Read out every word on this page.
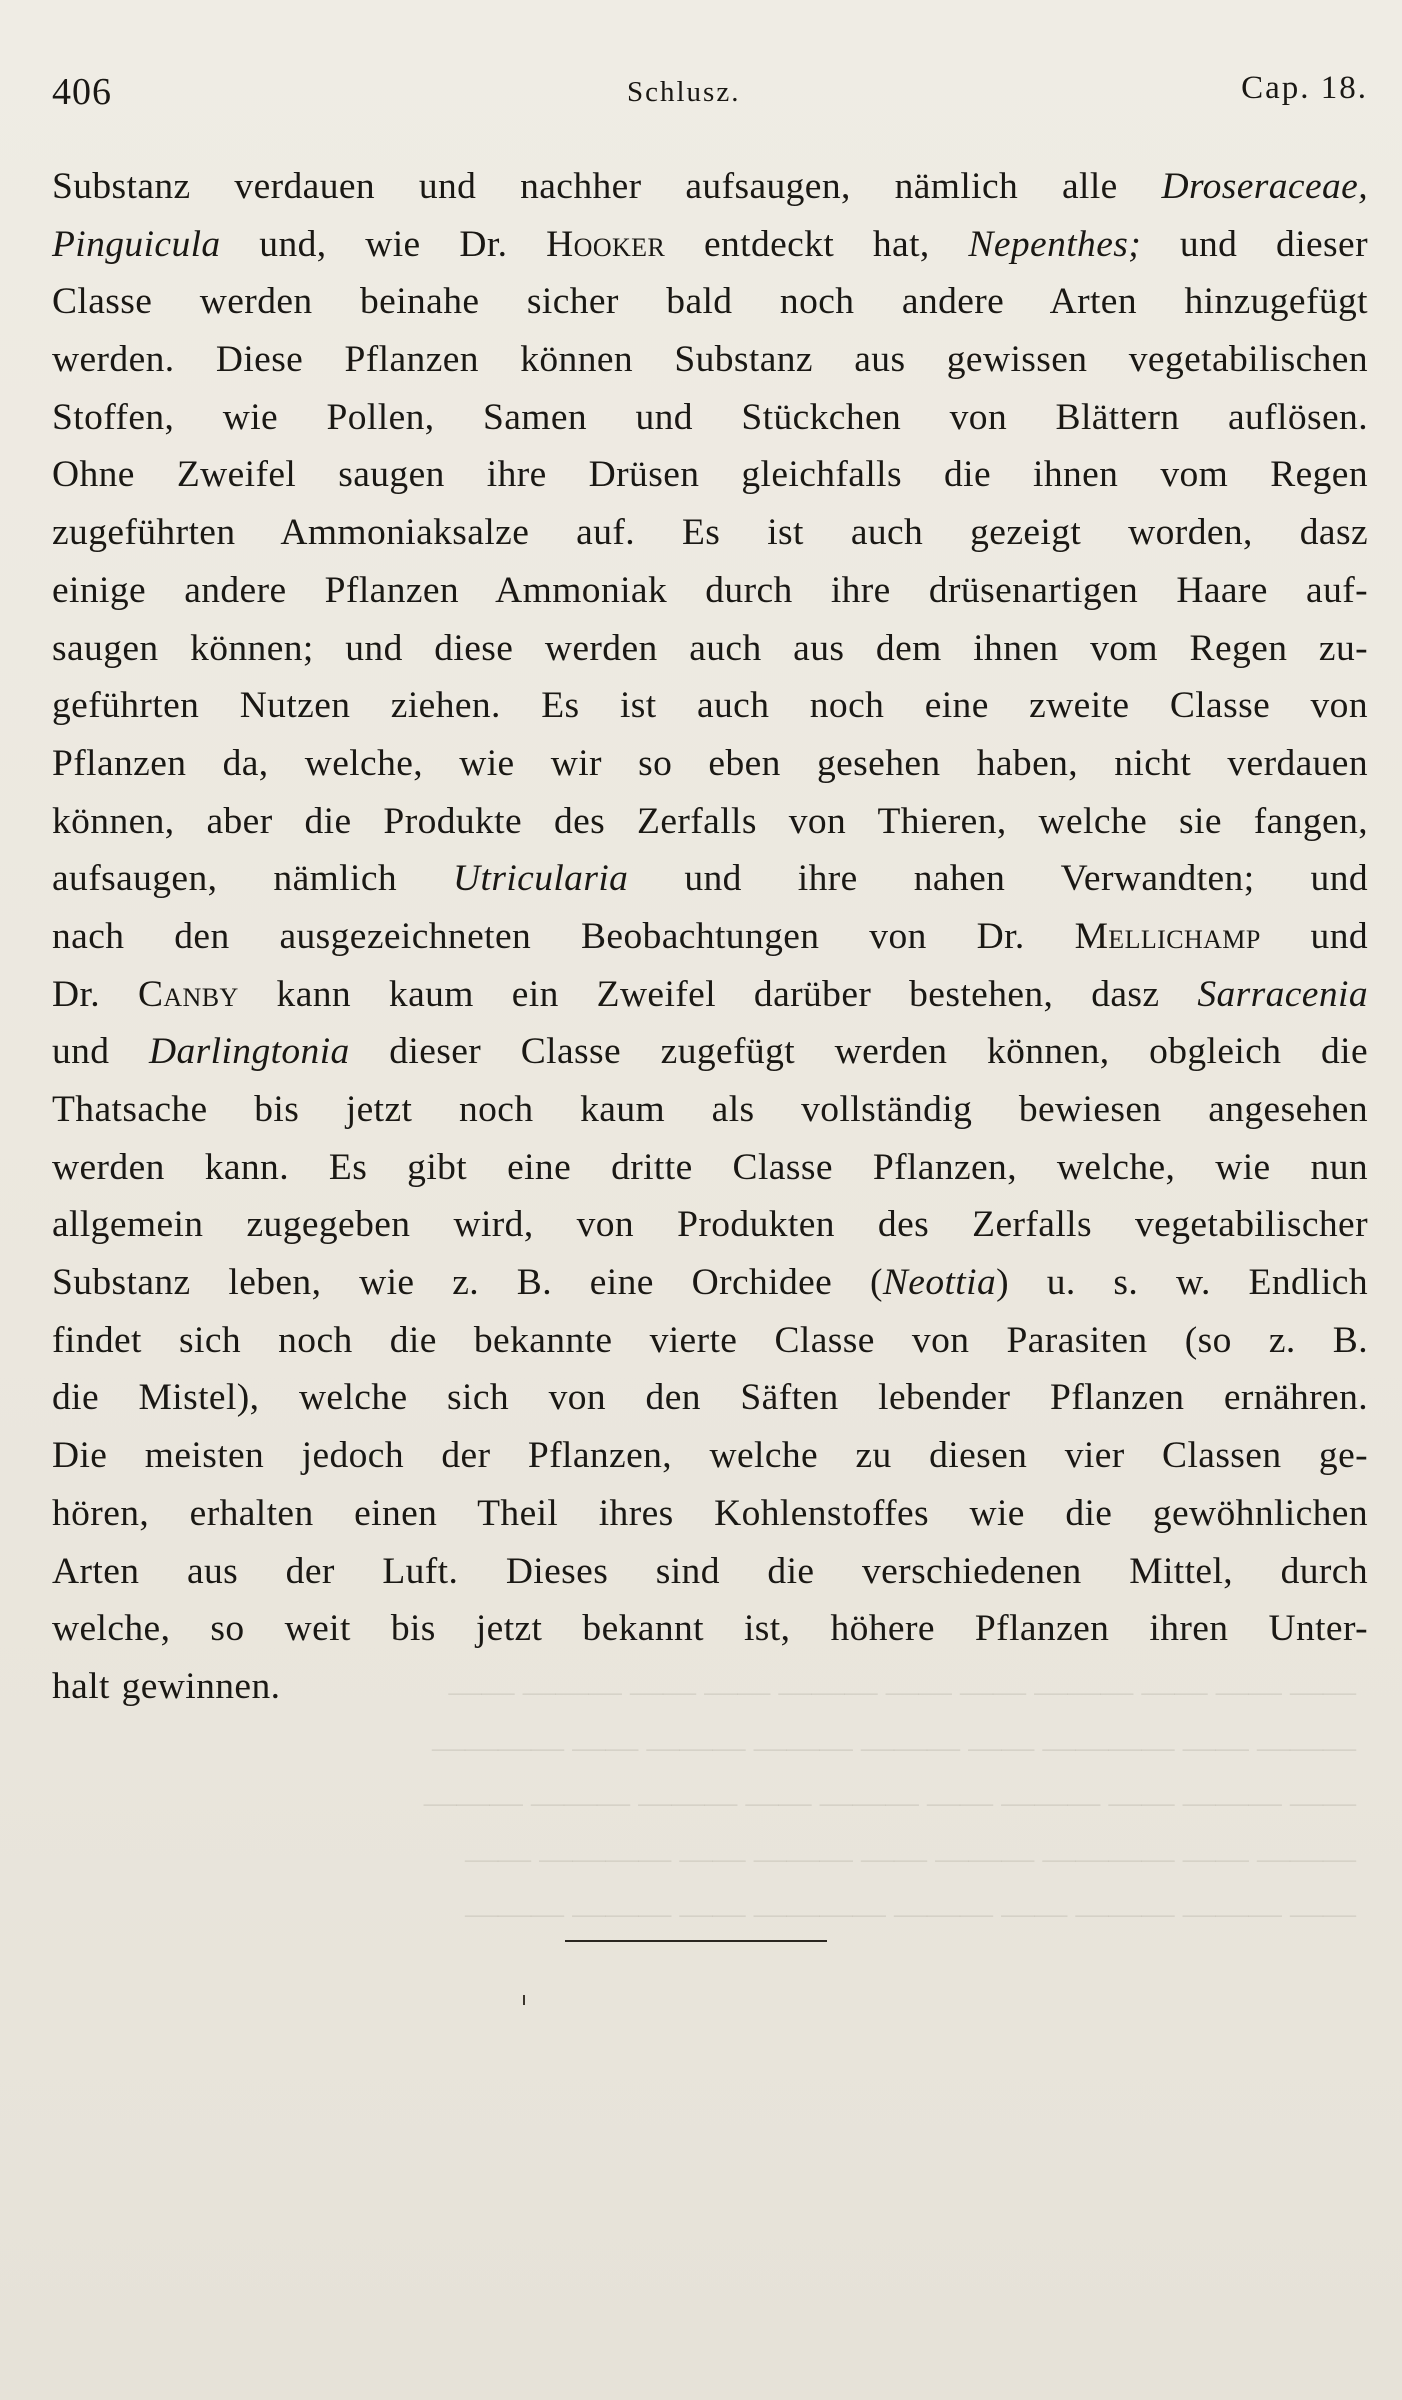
406	Schlusz.	Cap. 18.
Substanz verdauen und nachher aufsaugen, nämlich alle Droseraceae,
Pinguicula und, wie Dr. Hooker entdeckt hat, Nepenthes; und dieser
Classe werden beinahe sicher bald noch andere Arten hinzugefügt
werden. Diese Pflanzen können Substanz aus gewissen vegetabilischen
Stoffen, wie Pollen, Samen und Stückchen von Blättern auflösen.
Ohne Zweifel saugen ihre Drüsen gleichfalls die ihnen vom Regen
zugeführten Ammoniaksalze auf. Es ist auch gezeigt worden, dasz
einige andere Pflanzen Ammoniak durch ihre drüsenartigen Haare auf-
saugen können; und diese werden auch aus dem ihnen vom Regen zu-
geführten Nutzen ziehen. Es ist auch noch eine zweite Classe von
Pflanzen da, welche, wie wir so eben gesehen haben, nicht verdauen
können, aber die Produkte des Zerfalls von Thieren, welche sie fangen,
aufsaugen, nämlich Utricularia und ihre nahen Verwandten; und
nach den ausgezeichneten Beobachtungen von Dr. Mellichamp und
Dr. Canby kann kaum ein Zweifel darüber bestehen, dasz Sarracenia
und Darlingtonia dieser Classe zugefügt werden können, obgleich die
Thatsache bis jetzt noch kaum als vollständig bewiesen angesehen
werden kann. Es gibt eine dritte Classe Pflanzen, welche, wie nun
allgemein zugegeben wird, von Produkten des Zerfalls vegetabilischer
Substanz leben, wie z. B. eine Orchidee (Neottia) u. s. w. Endlich
findet sich noch die bekannte vierte Classe von Parasiten (so z. B.
die Mistel), welche sich von den Säften lebender Pflanzen ernähren.
Die meisten jedoch der Pflanzen, welche zu diesen vier Classen ge-
hören, erhalten einen Theil ihres Kohlenstoffes wie die gewöhnlichen
Arten aus der Luft. Dieses sind die verschiedenen Mittel, durch
welche, so weit bis jetzt bekannt ist, höhere Pflanzen ihren Unter-
halt gewinnen.	—— —— —— ——— —— —— ——— —— —— ——— ——
——— —— ———— —— ——— ——— ——— —— ————
—— ——— —— ——— —— ——— —— ——— ——— ———
——— —— ———— ——— —— ——— —— ———— ——
—— ——— ——— —— ——— ———— —— ——— ———
